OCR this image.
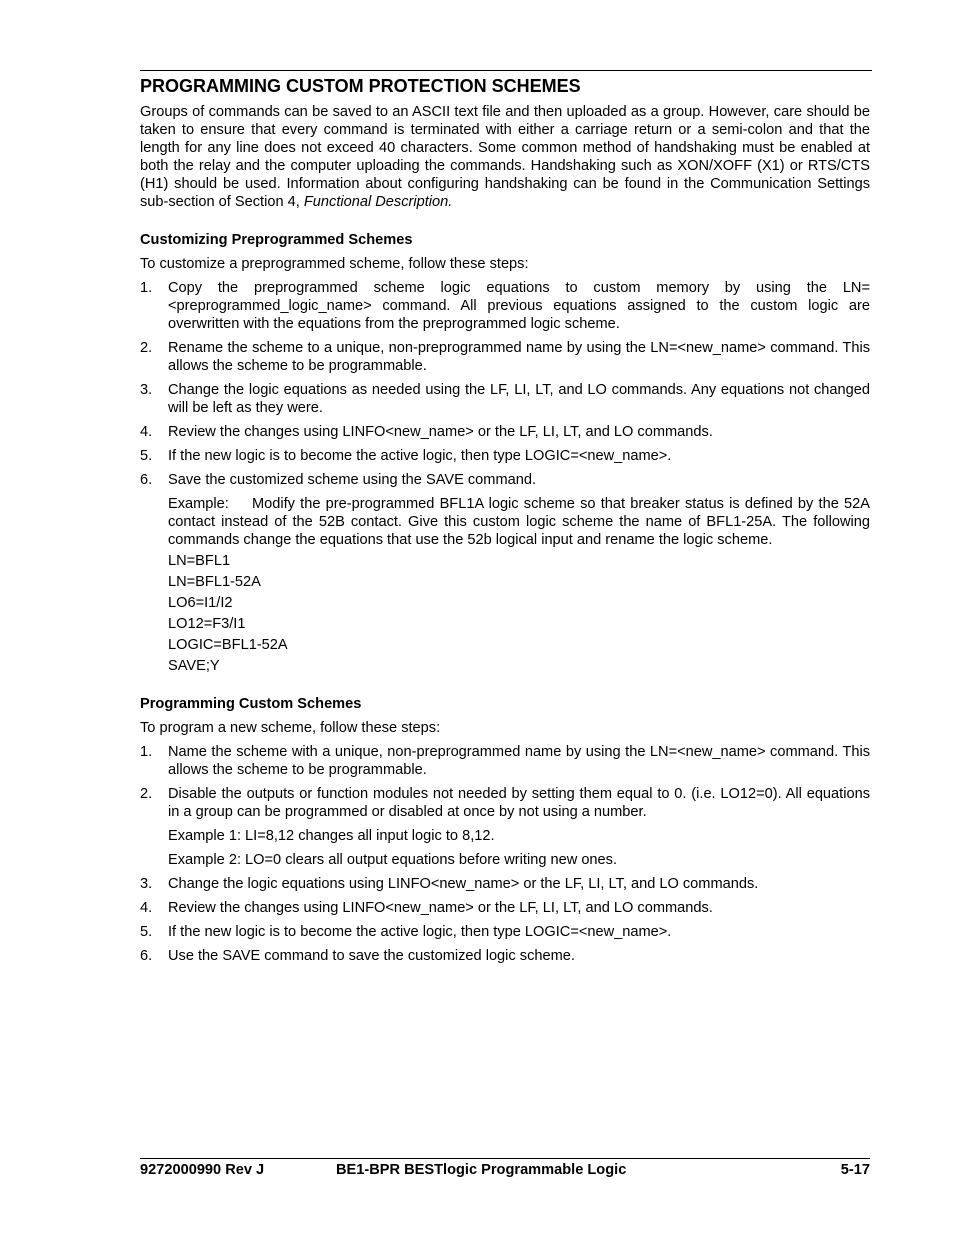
PROGRAMMING CUSTOM PROTECTION SCHEMES

Groups of commands can be saved to an ASCII text file and then uploaded as a group. However, care should be taken to ensure that every command is terminated with either a carriage return or a semi-colon and that the length for any line does not exceed 40 characters. Some common method of handshaking must be enabled at both the relay and the computer uploading the commands. Handshaking such as XON/XOFF (X1) or RTS/CTS (H1) should be used. Information about configuring handshaking can be found in the Communication Settings sub-section of Section 4, Functional Description.

Customizing Preprogrammed Schemes

To customize a preprogrammed scheme, follow these steps:

1. Copy the preprogrammed scheme logic equations to custom memory by using the LN=<preprogrammed_logic_name> command. All previous equations assigned to the custom logic are overwritten with the equations from the preprogrammed logic scheme.
2. Rename the scheme to a unique, non-preprogrammed name by using the LN=<new_name> command. This allows the scheme to be programmable.
3. Change the logic equations as needed using the LF, LI, LT, and LO commands. Any equations not changed will be left as they were.
4. Review the changes using LINFO<new_name> or the LF, LI, LT, and LO commands.
5. If the new logic is to become the active logic, then type LOGIC=<new_name>.
6. Save the customized scheme using the SAVE command.

Example: Modify the pre-programmed BFL1A logic scheme so that breaker status is defined by the 52A contact instead of the 52B contact. Give this custom logic scheme the name of BFL1-25A. The following commands change the equations that use the 52b logical input and rename the logic scheme.

LN=BFL1
LN=BFL1-52A
LO6=I1/I2
LO12=F3/I1
LOGIC=BFL1-52A
SAVE;Y
Programming Custom Schemes

To program a new scheme, follow these steps:

1. Name the scheme with a unique, non-preprogrammed name by using the LN=<new_name> command. This allows the scheme to be programmable.
2. Disable the outputs or function modules not needed by setting them equal to 0. (i.e. LO12=0). All equations in a group can be programmed or disabled at once by not using a number.

Example 1: LI=8,12 changes all input logic to 8,12.

Example 2: LO=0 clears all output equations before writing new ones.

3. Change the logic equations using LINFO<new_name> or the LF, LI, LT, and LO commands.
4. Review the changes using LINFO<new_name> or the LF, LI, LT, and LO commands.
5. If the new logic is to become the active logic, then type LOGIC=<new_name>.
6. Use the SAVE command to save the customized logic scheme.
9272000990 Rev J	BE1-BPR BESTlogic Programmable Logic	5-17
